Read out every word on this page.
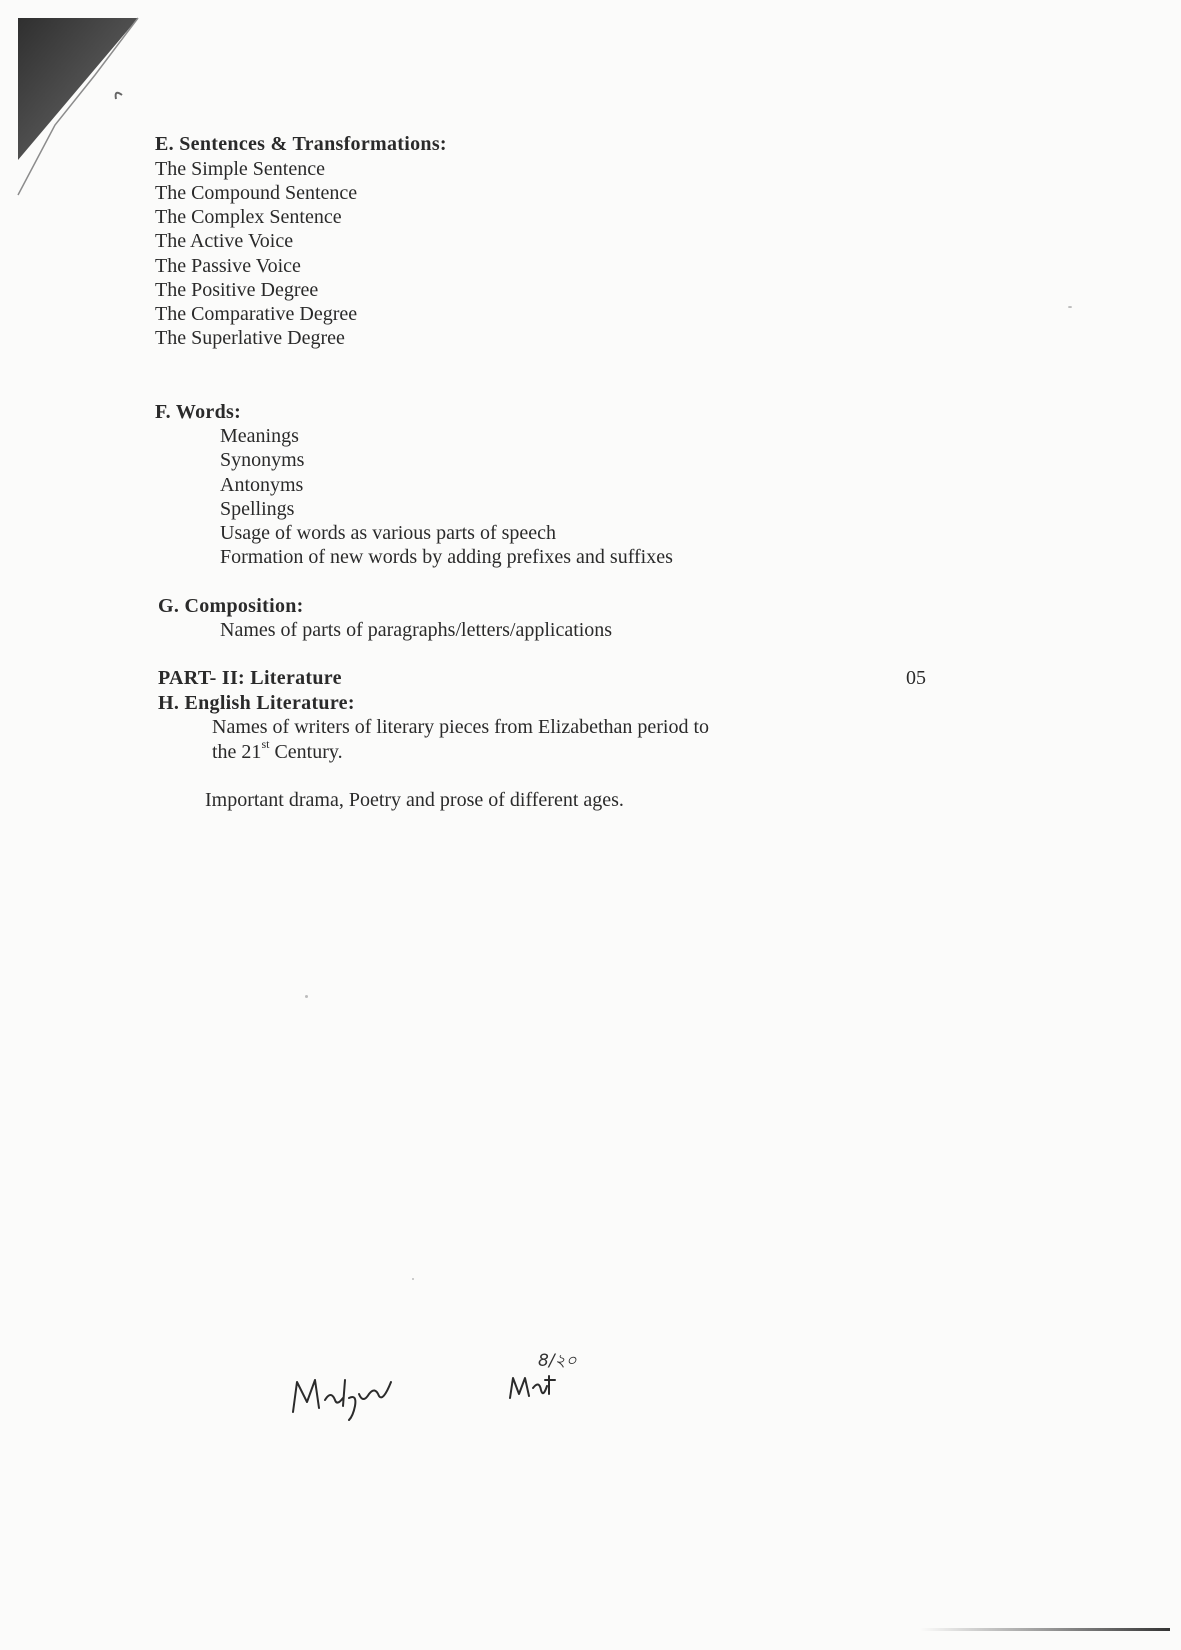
E. Sentences & Transformations:
The Simple Sentence
The Compound Sentence
The Complex Sentence
The Active Voice
The Passive Voice
The Positive Degree
The Comparative Degree
The Superlative Degree
F. Words:
Meanings
Synonyms
Antonyms
Spellings
Usage of words as various parts of speech
Formation of new words by adding prefixes and suffixes
G. Composition:
Names of parts of paragraphs/letters/applications
PART- II: Literature	05
H. English Literature:
Names of writers of literary pieces from Elizabethan period to
the 21st Century.
Important drama, Poetry and prose of different ages.
8/২০
